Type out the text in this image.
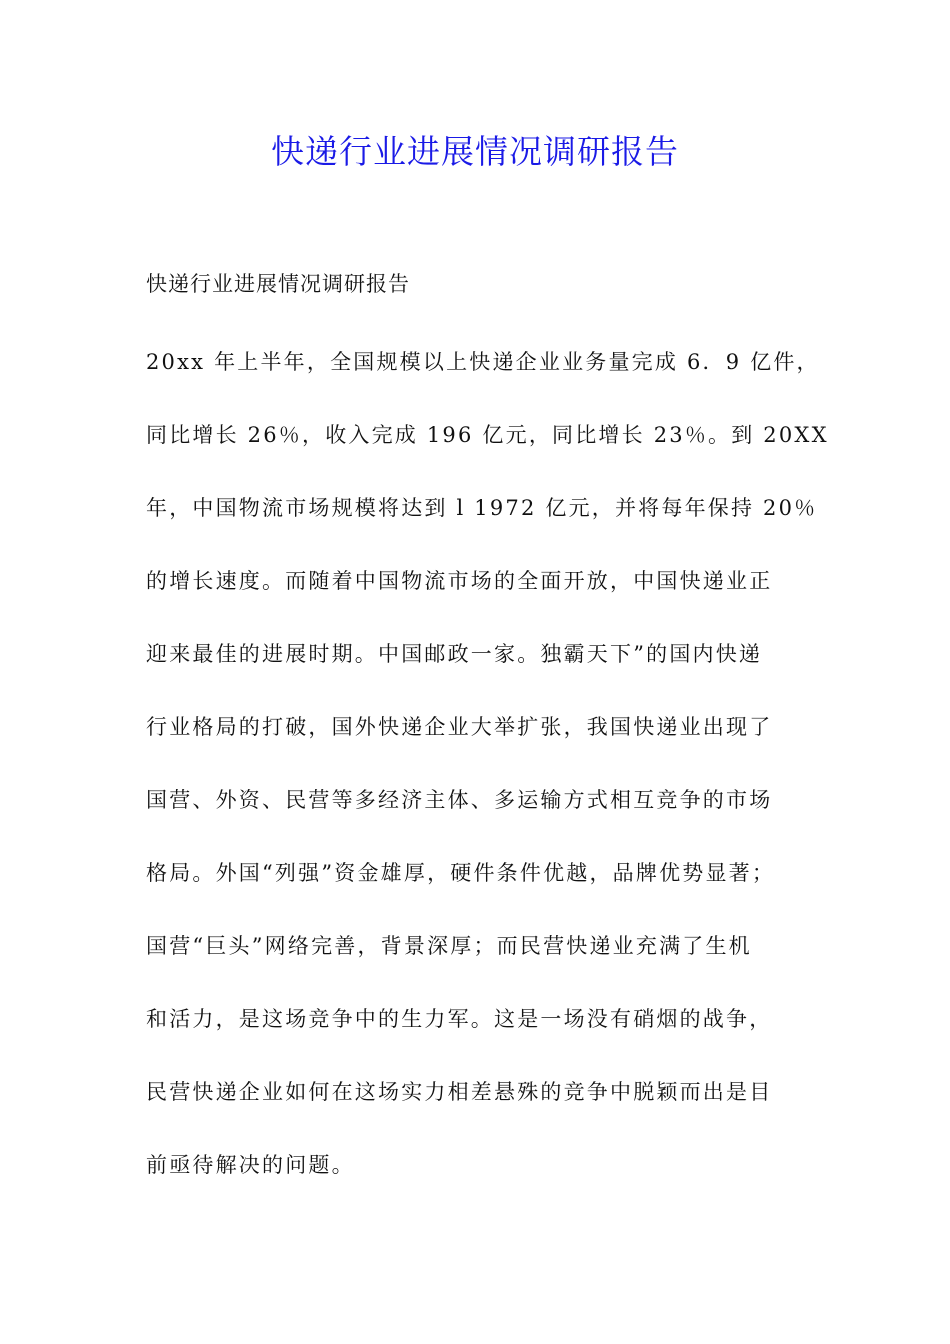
快递行业进展情况调研报告

快递行业进展情况调研报告

20xx 年上半年，全国规模以上快递企业业务量完成 6．9 亿件，
同比增长 26％，收入完成 196 亿元，同比增长 23％。到 20XX
年，中国物流市场规模将达到 l 1972 亿元，并将每年保持 20％
的增长速度。而随着中国物流市场的全面开放，中国快递业正
迎来最佳的进展时期。中国邮政一家。独霸天下”的国内快递
行业格局的打破，国外快递企业大举扩张，我国快递业出现了
国营、外资、民营等多经济主体、多运输方式相互竞争的市场
格局。外国“列强”资金雄厚，硬件条件优越，品牌优势显著；
国营“巨头”网络完善，背景深厚；而民营快递业充满了生机
和活力，是这场竞争中的生力军。这是一场没有硝烟的战争，
民营快递企业如何在这场实力相差悬殊的竞争中脱颖而出是目
前亟待解决的问题。
